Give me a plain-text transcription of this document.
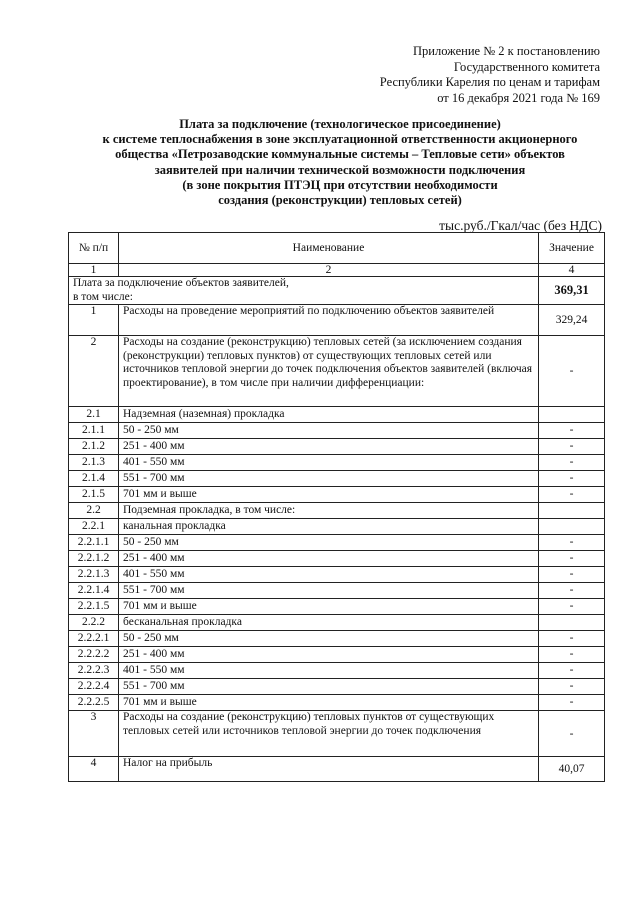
Приложение № 2 к постановлению
Государственного комитета
Республики Карелия по ценам и тарифам
от 16 декабря 2021 года № 169
Плата за подключение (технологическое присоединение)
к системе теплоснабжения в зоне эксплуатационной ответственности акционерного
общества «Петрозаводские коммунальные системы – Тепловые сети» объектов
заявителей при наличии технической возможности подключения
(в зоне покрытия ПТЭЦ при отсутствии необходимости
создания (реконструкции) тепловых сетей)
тыс.руб./Гкал/час (без НДС)
№ п/п	Наименование	Значение
1	2	4

Плата за подключение объектов заявителей,
в том числе:		369,31
1	Расходы на проведение мероприятий по подключению объектов заявителей	329,24
2	Расходы на создание (реконструкцию) тепловых сетей (за исключением создания (реконструкции) тепловых пунктов) от существующих тепловых сетей или источников тепловой энергии до точек подключения объектов заявителей (включая проектирование), в том числе при наличии дифференциации:	-
2.1	Надземная (наземная) прокладка	
2.1.1	50 - 250 мм	-
2.1.2	251 - 400 мм	-
2.1.3	401 - 550 мм	-
2.1.4	551 - 700 мм	-
2.1.5	701 мм и выше	-
2.2	Подземная прокладка, в том числе:	
2.2.1	канальная прокладка	
2.2.1.1	50 - 250 мм	-
2.2.1.2	251 - 400 мм	-
2.2.1.3	401 - 550 мм	-
2.2.1.4	551 - 700 мм	-
2.2.1.5	701 мм и выше	-
2.2.2	бесканальная прокладка	
2.2.2.1	50 - 250 мм	-
2.2.2.2	251 - 400 мм	-
2.2.2.3	401 - 550 мм	-
2.2.2.4	551 - 700 мм	-
2.2.2.5	701 мм и выше	-
3	Расходы на создание (реконструкцию) тепловых пунктов от существующих тепловых сетей или источников тепловой энергии до точек подключения	-
4	Налог на прибыль	40,07
